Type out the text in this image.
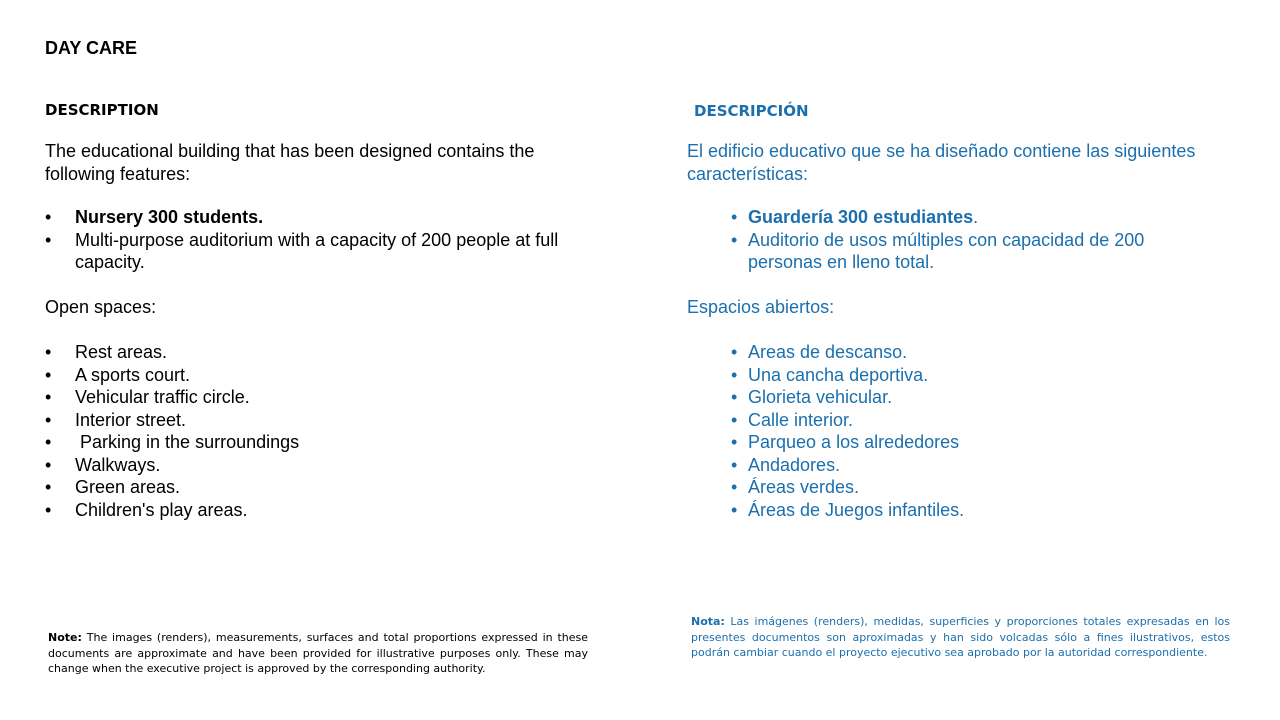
DAY CARE
DESCRIPTION
The educational building that has been designed contains the following features:
• Nursery 300 students.
• Multi-purpose auditorium with a capacity of 200 people at full capacity.
Open spaces:
• Rest areas.
• A sports court.
• Vehicular traffic circle.
• Interior street.
• Parking in the surroundings
• Walkways.
• Green areas.
• Children's play areas.
Note: The images (renders), measurements, surfaces and total proportions expressed in these documents are approximate and have been provided for illustrative purposes only. These may change when the executive project is approved by the corresponding authority.
DESCRIPCIÓN
El edificio educativo que se ha diseñado contiene las siguientes características:
• Guardería 300 estudiantes.
• Auditorio de usos múltiples con capacidad de 200 personas en lleno total.
Espacios abiertos:
• Areas de descanso.
• Una cancha deportiva.
• Glorieta vehicular.
• Calle interior.
• Parqueo a los alrededores
• Andadores.
• Áreas verdes.
• Áreas de Juegos infantiles.
Nota: Las imágenes (renders), medidas, superficies y proporciones totales expresadas en los presentes documentos son aproximadas y han sido volcadas sólo a fines ilustrativos, estos podrán cambiar cuando el proyecto ejecutivo sea aprobado por la autoridad correspondiente.
